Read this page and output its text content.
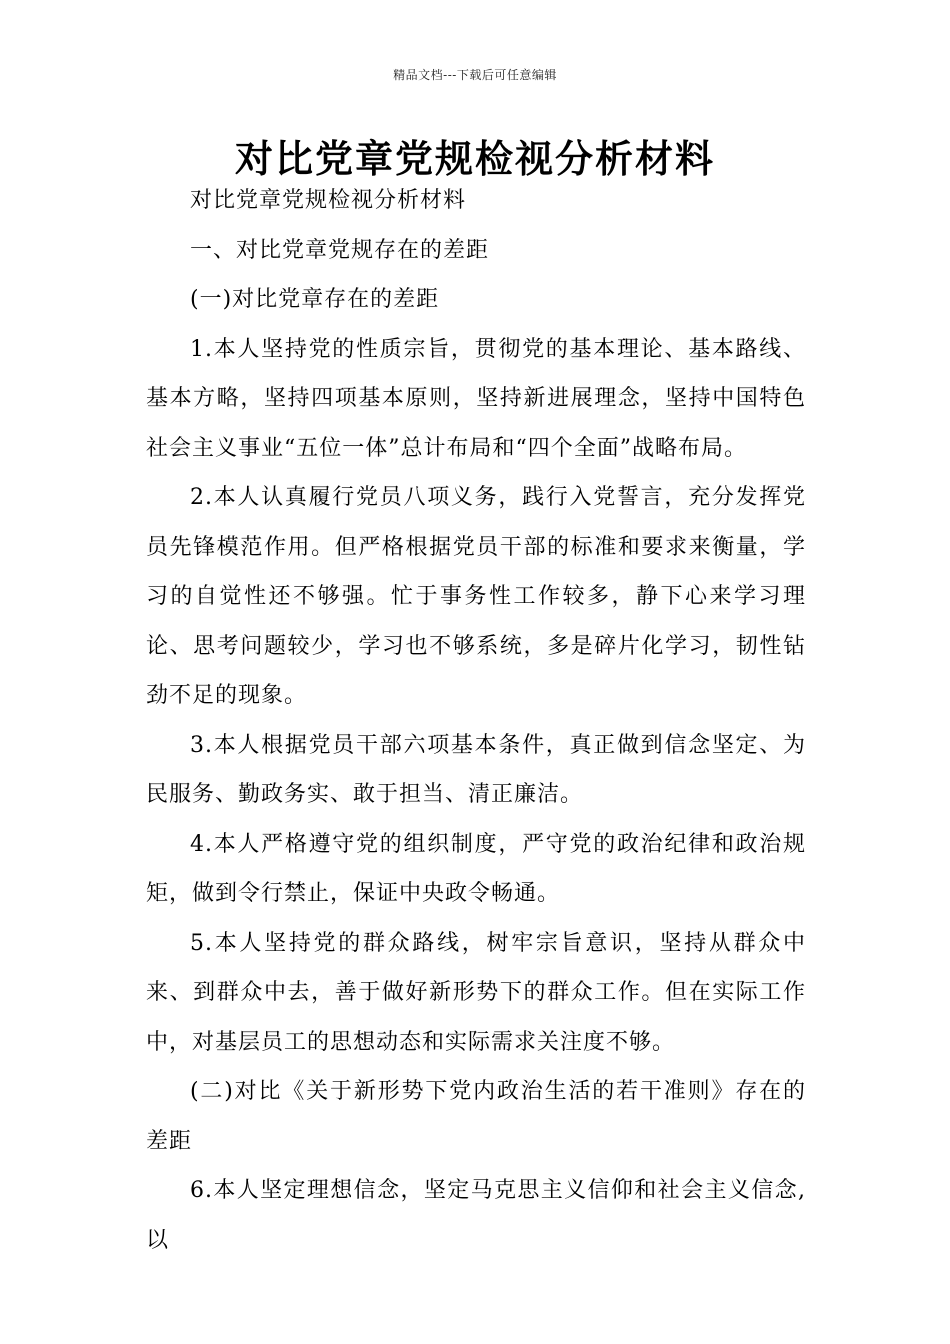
精品文档---下载后可任意编辑
对比党章党规检视分析材料

对比党章党规检视分析材料

一、对比党章党规存在的差距

(一)对比党章存在的差距

1.本人坚持党的性质宗旨，贯彻党的基本理论、基本路线、基本方略，坚持四项基本原则，坚持新进展理念，坚持中国特色社会主义事业“五位一体”总计布局和“四个全面”战略布局。

2.本人认真履行党员八项义务，践行入党誓言，充分发挥党员先锋模范作用。但严格根据党员干部的标准和要求来衡量，学习的自觉性还不够强。忙于事务性工作较多，静下心来学习理论、思考问题较少，学习也不够系统，多是碎片化学习，韧性钻劲不足的现象。

3.本人根据党员干部六项基本条件，真正做到信念坚定、为民服务、勤政务实、敢于担当、清正廉洁。

4.本人严格遵守党的组织制度，严守党的政治纪律和政治规矩，做到令行禁止，保证中央政令畅通。

5.本人坚持党的群众路线，树牢宗旨意识，坚持从群众中来、到群众中去，善于做好新形势下的群众工作。但在实际工作中，对基层员工的思想动态和实际需求关注度不够。

(二)对比《关于新形势下党内政治生活的若干准则》存在的差距

6.本人坚定理想信念，坚定马克思主义信仰和社会主义信念,以
